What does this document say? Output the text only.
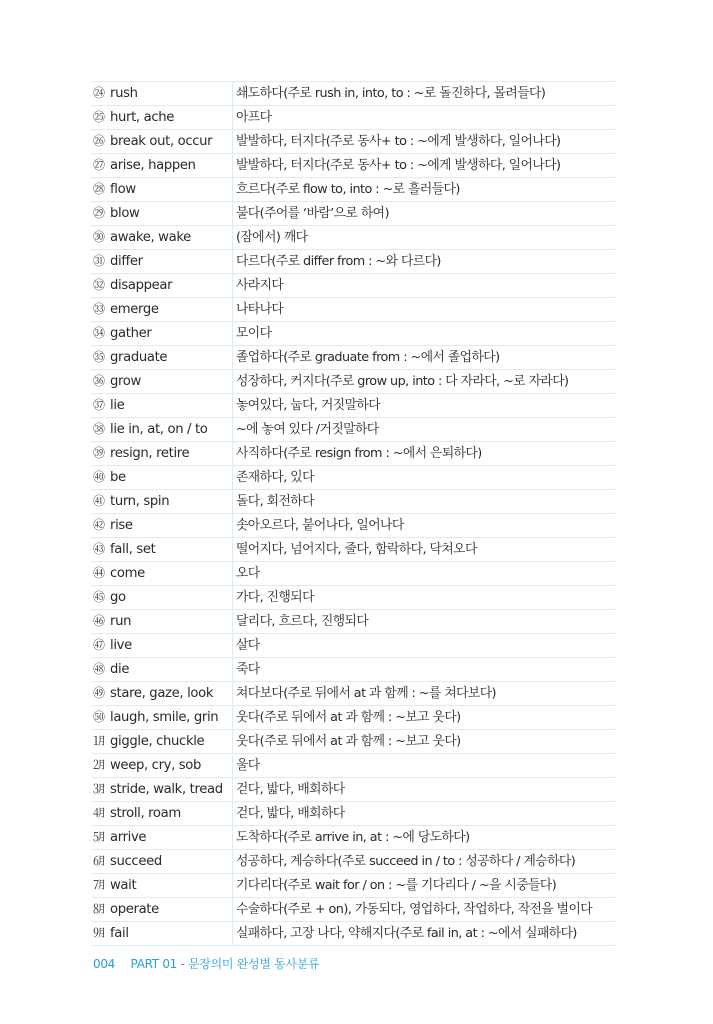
㉔ rush	쇄도하다(주로 rush in, into, to : ~로 돌진하다, 몰려들다)
㉕ hurt, ache	아프다
㉖ break out, occur	발발하다, 터지다(주로 동사+ to : ~에게 발생하다, 일어나다)
㉗ arise, happen	발발하다, 터지다(주로 동사+ to : ~에게 발생하다, 일어나다)
㉘ flow	흐르다(주로 flow to, into : ~로 흘러들다)
㉙ blow	불다(주어를 ‘바람’으로 하여)
㉚ awake, wake	(잠에서) 깨다
㉛ differ	다르다(주로 differ from : ~와 다르다)
㉜ disappear	사라지다
㉝ emerge	나타나다
㉞ gather	모이다
㉟ graduate	졸업하다(주로 graduate from : ~에서 졸업하다)
㊱ grow	성장하다, 커지다(주로 grow up, into : 다 자라다, ~로 자라다)
㊲ lie	놓여있다, 눕다, 거짓말하다
㊳ lie in, at, on / to	~에 놓여 있다 /거짓말하다
㊴ resign, retire	사직하다(주로 resign from : ~에서 은퇴하다)
㊵ be	존재하다, 있다
㊶ turn, spin	돌다, 회전하다
㊷ rise	솟아오르다, 붙어나다, 일어나다
㊸ fall, set	떨어지다, 넘어지다, 줄다, 함락하다, 닥쳐오다
㊹ come	오다
㊺ go	가다, 진행되다
㊻ run	달리다, 흐르다, 진행되다
㊼ live	살다
㊽ die	죽다
㊾ stare, gaze, look	쳐다보다(주로 뒤에서 at 과 함께 : ~를 쳐다보다)
㊿ laugh, smile, grin	웃다(주로 뒤에서 at 과 함께 : ~보고 웃다)
㋀ giggle, chuckle	웃다(주로 뒤에서 at 과 함께 : ~보고 웃다)
㋁ weep, cry, sob	울다
㋂ stride, walk, tread	걷다, 밟다, 배회하다
㋃ stroll, roam	걷다, 밟다, 배회하다
㋄ arrive	도착하다(주로 arrive in, at : ~에 당도하다)
㋅ succeed	성공하다, 계승하다(주로 succeed in / to : 성공하다 / 계승하다)
㋆ wait	기다리다(주로 wait for / on : ~를 기다리다 / ~을 시중들다)
㋇ operate	수술하다(주로 + on), 가동되다, 영업하다, 작업하다, 작전을 벌이다
㋈ fail	실패하다, 고장 나다, 약해지다(주로 fail in, at : ~에서 실패하다)
004 PART 01 - 문장의미 완성별 동사분류
